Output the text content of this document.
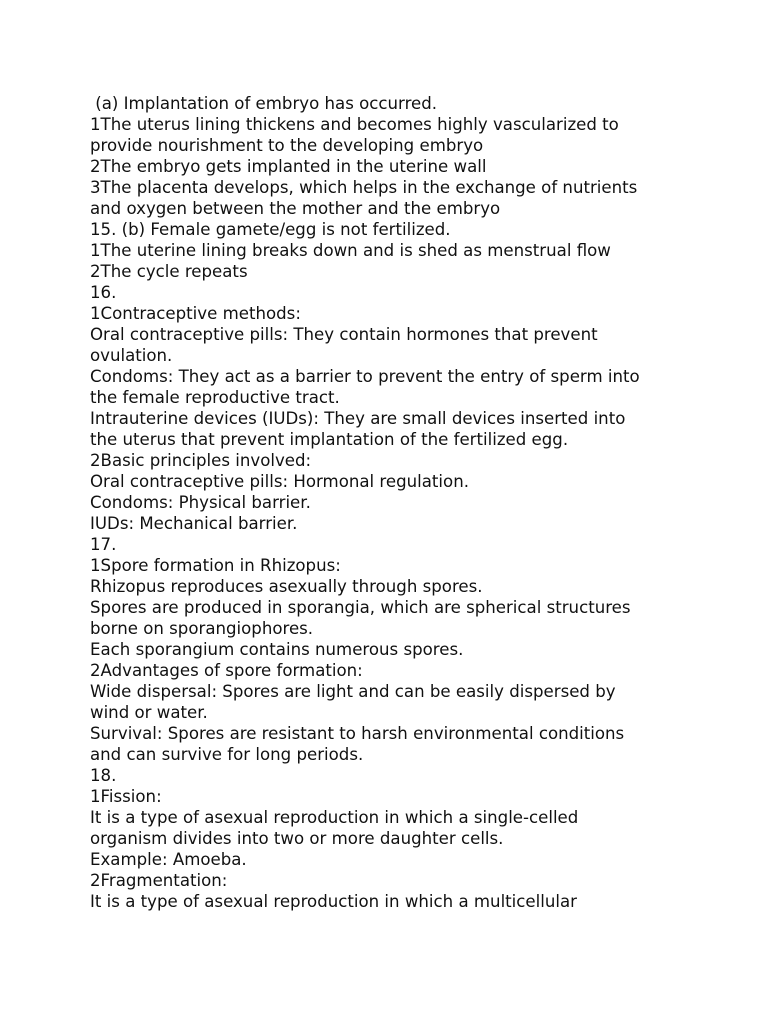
(a) Implantation of embryo has occurred.
1The uterus lining thickens and becomes highly vascularized to
provide nourishment to the developing embryo
2The embryo gets implanted in the uterine wall
3The placenta develops, which helps in the exchange of nutrients
and oxygen between the mother and the embryo
15. (b) Female gamete/egg is not fertilized.
1The uterine lining breaks down and is shed as menstrual flow
2The cycle repeats
16.
1Contraceptive methods:
Oral contraceptive pills: They contain hormones that prevent
ovulation.
Condoms: They act as a barrier to prevent the entry of sperm into
the female reproductive tract.
Intrauterine devices (IUDs): They are small devices inserted into
the uterus that prevent implantation of the fertilized egg.
2Basic principles involved:
Oral contraceptive pills: Hormonal regulation.
Condoms: Physical barrier.
IUDs: Mechanical barrier.
17.
1Spore formation in Rhizopus:
Rhizopus reproduces asexually through spores.
Spores are produced in sporangia, which are spherical structures
borne on sporangiophores.
Each sporangium contains numerous spores.
2Advantages of spore formation:
Wide dispersal: Spores are light and can be easily dispersed by
wind or water.
Survival: Spores are resistant to harsh environmental conditions
and can survive for long periods.
18.
1Fission:
It is a type of asexual reproduction in which a single-celled
organism divides into two or more daughter cells.
Example: Amoeba.
2Fragmentation:
It is a type of asexual reproduction in which a multicellular
